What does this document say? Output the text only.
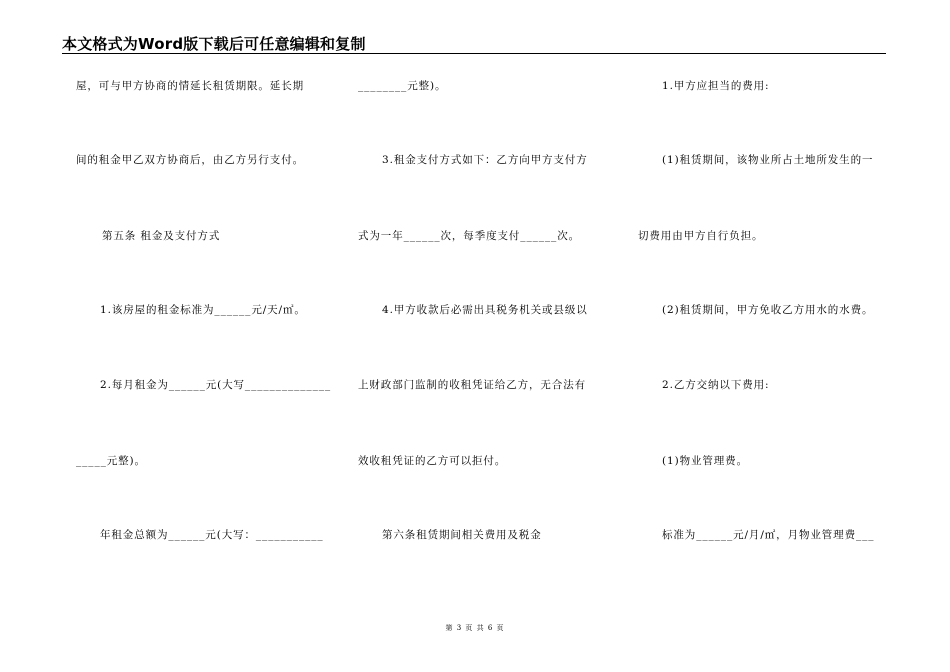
本文格式为Word版下载后可任意编辑和复制
屋，可与甲方协商的情延长租赁期限。延长期
间的租金甲乙双方协商后，由乙方另行支付。
第五条 租金及支付方式
1.该房屋的租金标准为______元/天/㎡。
2.每月租金为______元(大写______________
_____元整)。
年租金总额为______元(大写：___________
________元整)。
3.租金支付方式如下：乙方向甲方支付方
式为一年______次，每季度支付______次。
4.甲方收款后必需出具税务机关或县级以
上财政部门监制的收租凭证给乙方，无合法有
效收租凭证的乙方可以拒付。
第六条租赁期间相关费用及税金
1.甲方应担当的费用:
(1)租赁期间，该物业所占土地所发生的一
切费用由甲方自行负担。
(2)租赁期间，甲方免收乙方用水的水费。
2.乙方交纳以下费用:
(1)物业管理费。
标准为______元/月/㎡，月物业管理费___
第 3 页 共 6 页
